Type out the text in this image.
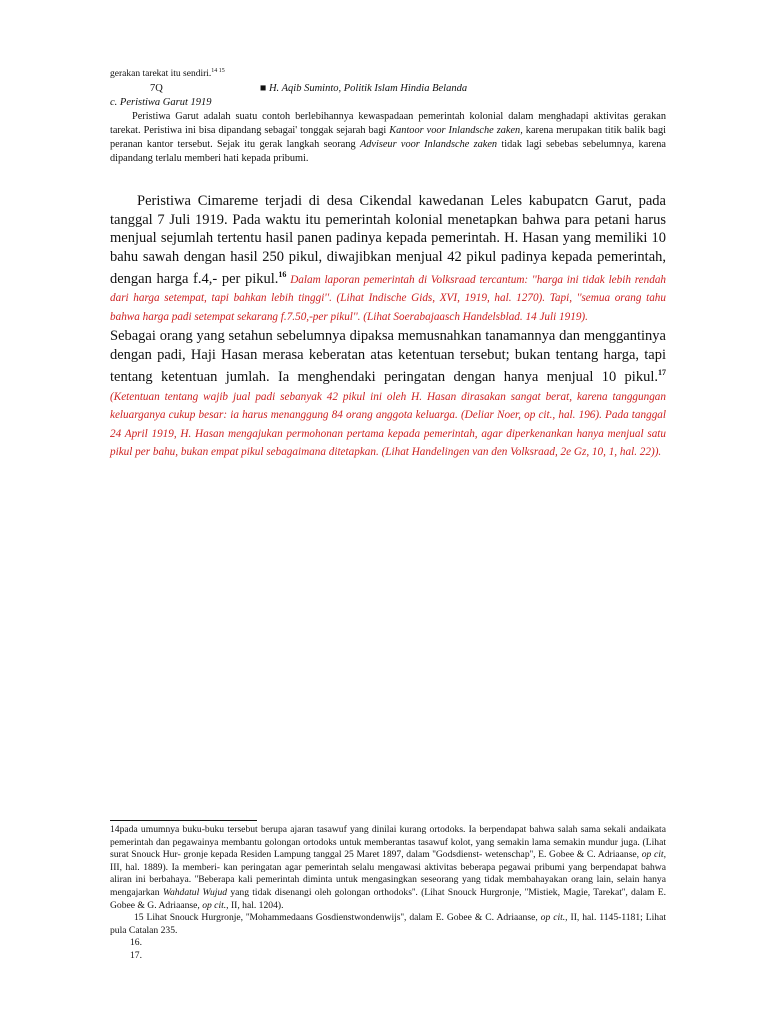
gerakan tarekat itu sendiri.$^{14 15}$
7Q	■ H. Aqib Suminto, Politik Islam Hindia Belanda
c. Peristiwa Garut 1919
Peristiwa Garut adalah suatu contoh berlebihannya kewaspadaan pemerintah kolonial dalam menghadapi aktivitas gerakan tarekat. Peristiwa ini bisa dipandang sebagai' tonggak sejarah bagi Kantoor voor Inlandsche zaken, karena merupakan titik balik bagi peranan kantor tersebut. Sejak itu gerak langkah seorang Adviseur voor Inlandsche zaken tidak lagi sebebas sebelumnya, karena dipandang terlalu memberi hati kepada pribumi.

Peristiwa Cimareme terjadi di desa Cikendal kawedanan Leles kabupatcn Garut, pada tanggal 7 Juli 1919. Pada waktu itu pemerintah kolonial menetapkan bahwa para petani harus menjual sejumlah tertentu hasil panen padinya kepada pemerintah. H. Hasan yang memiliki 10 bahu sawah dengan hasil 250 pikul, diwajibkan menjual 42 pikul padinya kepada pemerintah, dengan harga f.4,- per pikul.$^{16}$ Dalam laporan pemerintah di Volksraad tercantum: ''harga ini tidak lebih rendah dari harga setempat, tapi bahkan lebih tinggi''. (Lihat Indische Gids, XVI, 1919, hal. 1270). Tapi, ''semua orang tahu bahwa harga padi setempat sekarang f.7.50,-per pikul''. (Lihat Soerabajaasch Handelsblad. 14 Juli 1919).

Sebagai orang yang setahun sebelumnya dipaksa memusnahkan tanamannya dan menggantinya dengan padi, Haji Hasan merasa keberatan atas ketentuan tersebut; bukan tentang harga, tapi tentang ketentuan jumlah. Ia menghendaki peringatan dengan hanya menjual 10 pikul.$^{17}$ (Ketentuan tentang wajib jual padi sebanyak 42 pikul ini oleh H. Hasan dirasakan sangat berat, karena tanggungan keluarganya cukup besar: ia harus menanggung 84 orang anggota keluarga. (Deliar Noer, op cit., hal. 196). Pada tanggal 24 April 1919, H. Hasan mengajukan permohonan pertama kepada pemerintah, agar diperkenankan hanya menjual satu pikul per bahu, bukan empat pikul sebagaimana ditetapkan. (Lihat Handelingen van den Volksraad, 2e Gz, 10, 1, hal. 22)).

14pada umumnya buku-buku tersebut berupa ajaran tasawuf yang dinilai kurang ortodoks. Ia berpendapat bahwa salah sama sekali andaikata pemerintah dan pegawainya membantu golongan ortodoks untuk memberantas tasawuf kolot, yang semakin lama semakin mundur juga. (Lihat surat Snouck Hur- gronje kepada Residen Lampung tanggal 25 Maret 1897, dalam ''Godsdienst- wetenschap'', E. Gobee & C. Adriaanse, op cit, III, hal. 1889). Ia memberi- kan peringatan agar pemerintah selalu mengawasi aktivitas beberapa pegawai pribumi yang berpendapat bahwa aliran ini berbahaya. ''Beberapa kali pemerintah diminta untuk mengasingkan seseorang yang tidak membahayakan orang lain, selain hanya mengajarkan Wahdatul Wujud yang tidak disenangi oleh golongan orthodoks''. (Lihat Snouck Hurgronje, ''Mistiek, Magie, Tarekat'', dalam E. Gobee & G. Adriaanse, op cit., II, hal. 1204).

15 Lihat Snouck Hurgronje, ''Mohammedaans Gosdienstwondenwijs'', dalam E. Gobee & C. Adriaanse, op cit., II, hal. 1145-1181; Lihat pula Catalan 235.

16.

17.
